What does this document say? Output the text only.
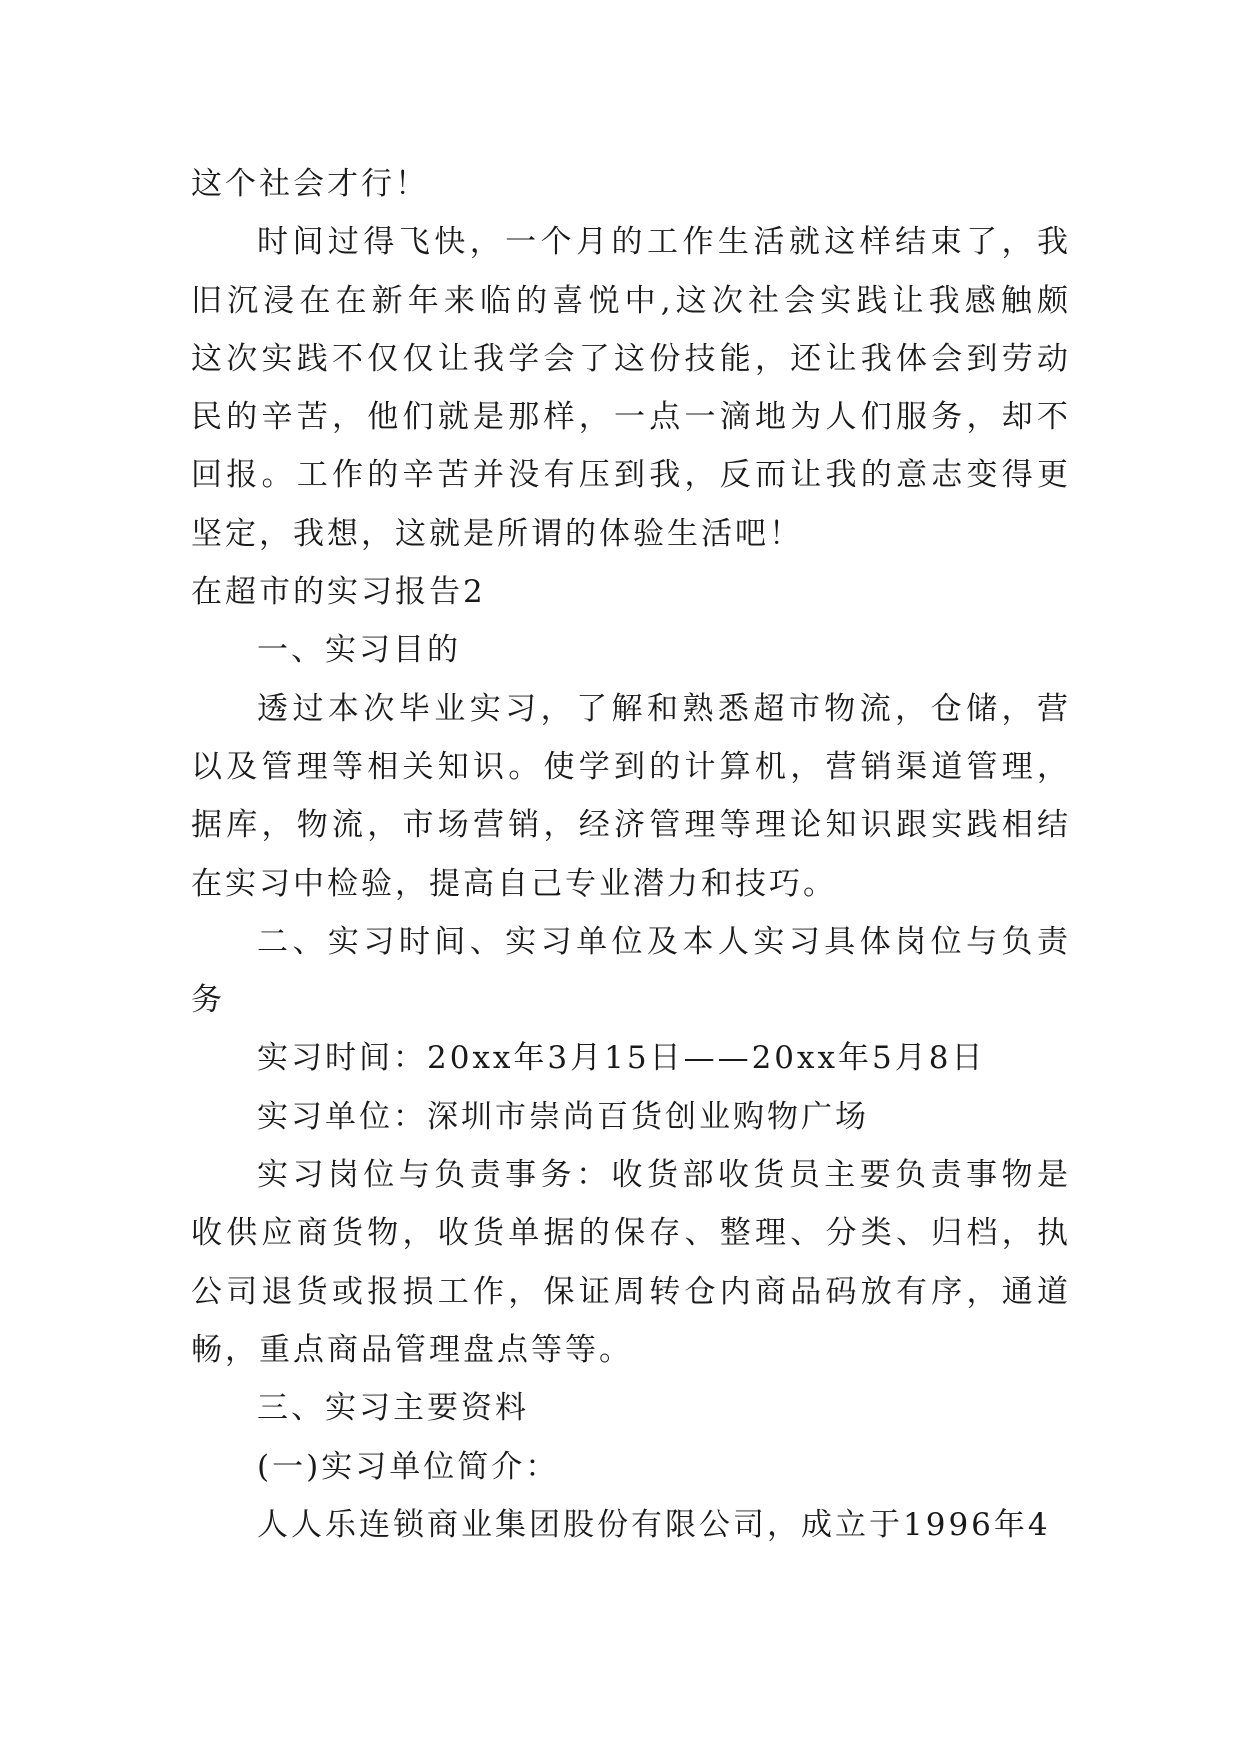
这个社会才行！
时间过得飞快，一个月的工作生活就这样结束了，我
旧沉浸在在新年来临的喜悦中,这次社会实践让我感触颇
这次实践不仅仅让我学会了这份技能，还让我体会到劳动
民的辛苦，他们就是那样，一点一滴地为人们服务，却不
回报。工作的辛苦并没有压到我，反而让我的意志变得更
坚定，我想，这就是所谓的体验生活吧！
在超市的实习报告2
一、实习目的
透过本次毕业实习，了解和熟悉超市物流，仓储，营
以及管理等相关知识。使学到的计算机，营销渠道管理，
据库，物流，市场营销，经济管理等理论知识跟实践相结
在实习中检验，提高自己专业潜力和技巧。
二、实习时间、实习单位及本人实习具体岗位与负责
务
实习时间：20xx年3月15日——20xx年5月8日
实习单位：深圳市崇尚百货创业购物广场
实习岗位与负责事务：收货部收货员主要负责事物是
收供应商货物，收货单据的保存、整理、分类、归档，执
公司退货或报损工作，保证周转仓内商品码放有序，通道
畅，重点商品管理盘点等等。
三、实习主要资料
(一)实习单位简介：
人人乐连锁商业集团股份有限公司，成立于1996年4
